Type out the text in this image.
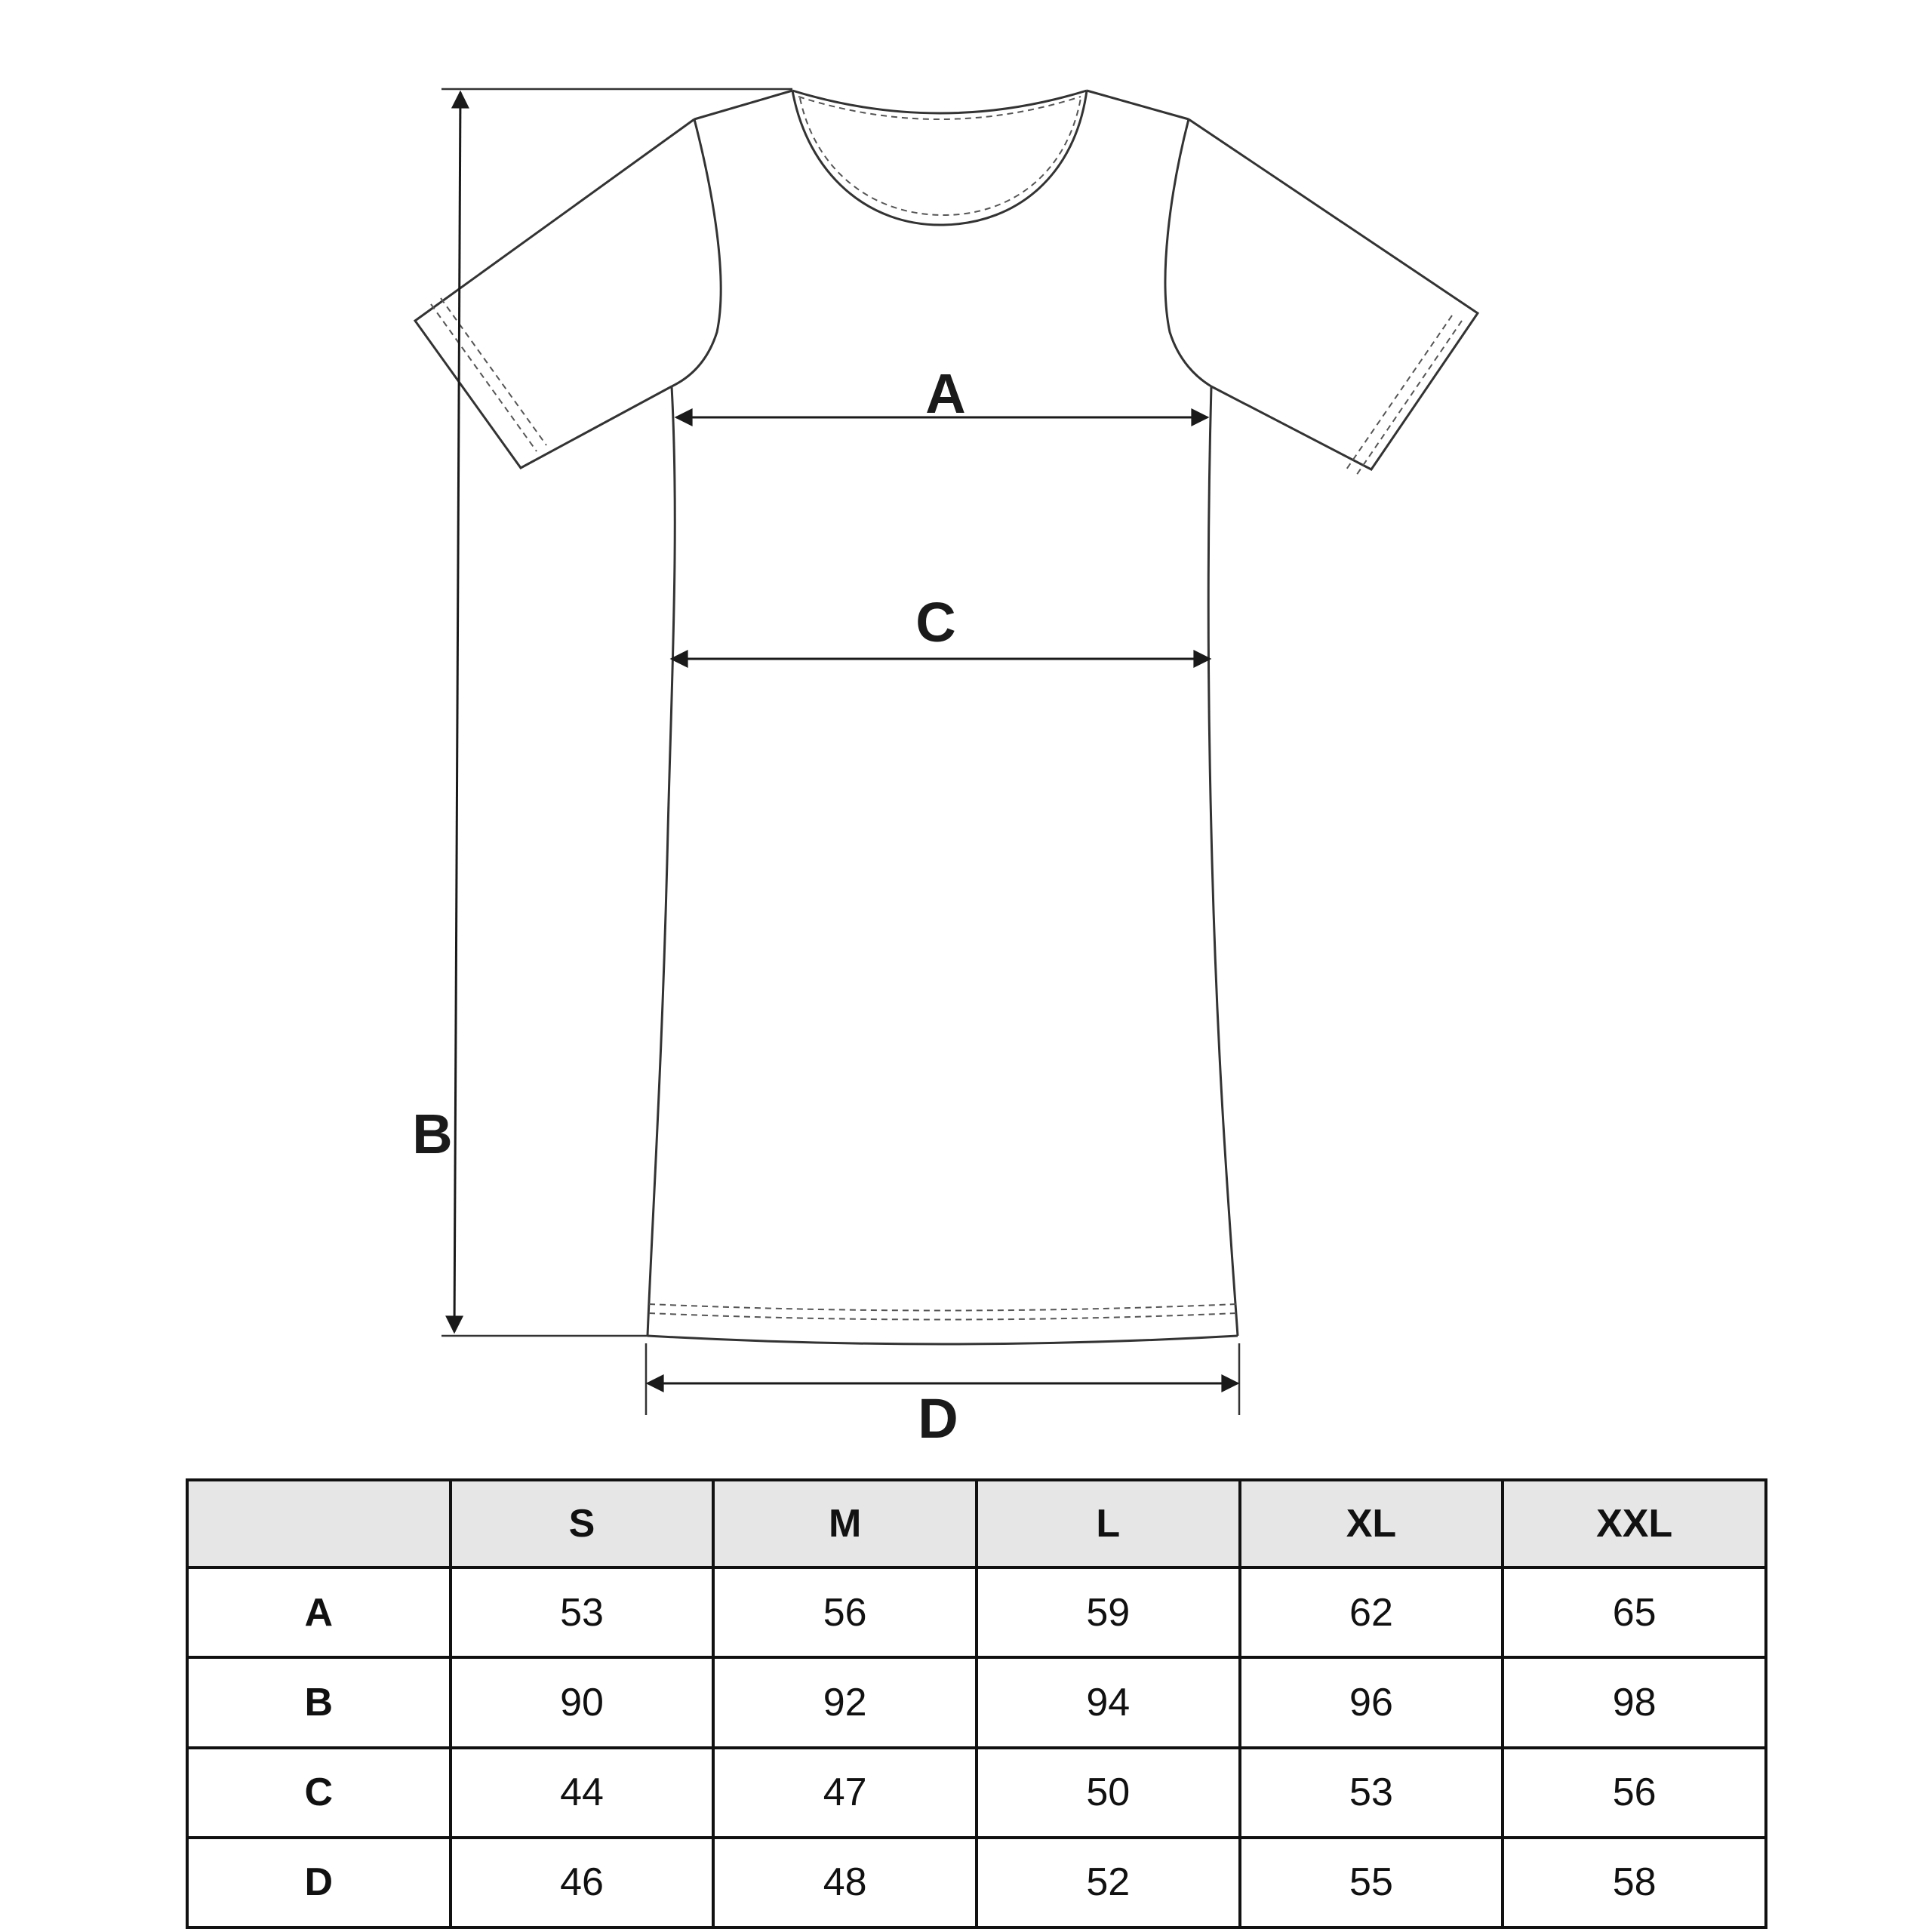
A
C
B
D
	S	M	L	XL	XXL
A	53	56	59	62	65
B	90	92	94	96	98
C	44	47	50	53	56
D	46	48	52	55	58
